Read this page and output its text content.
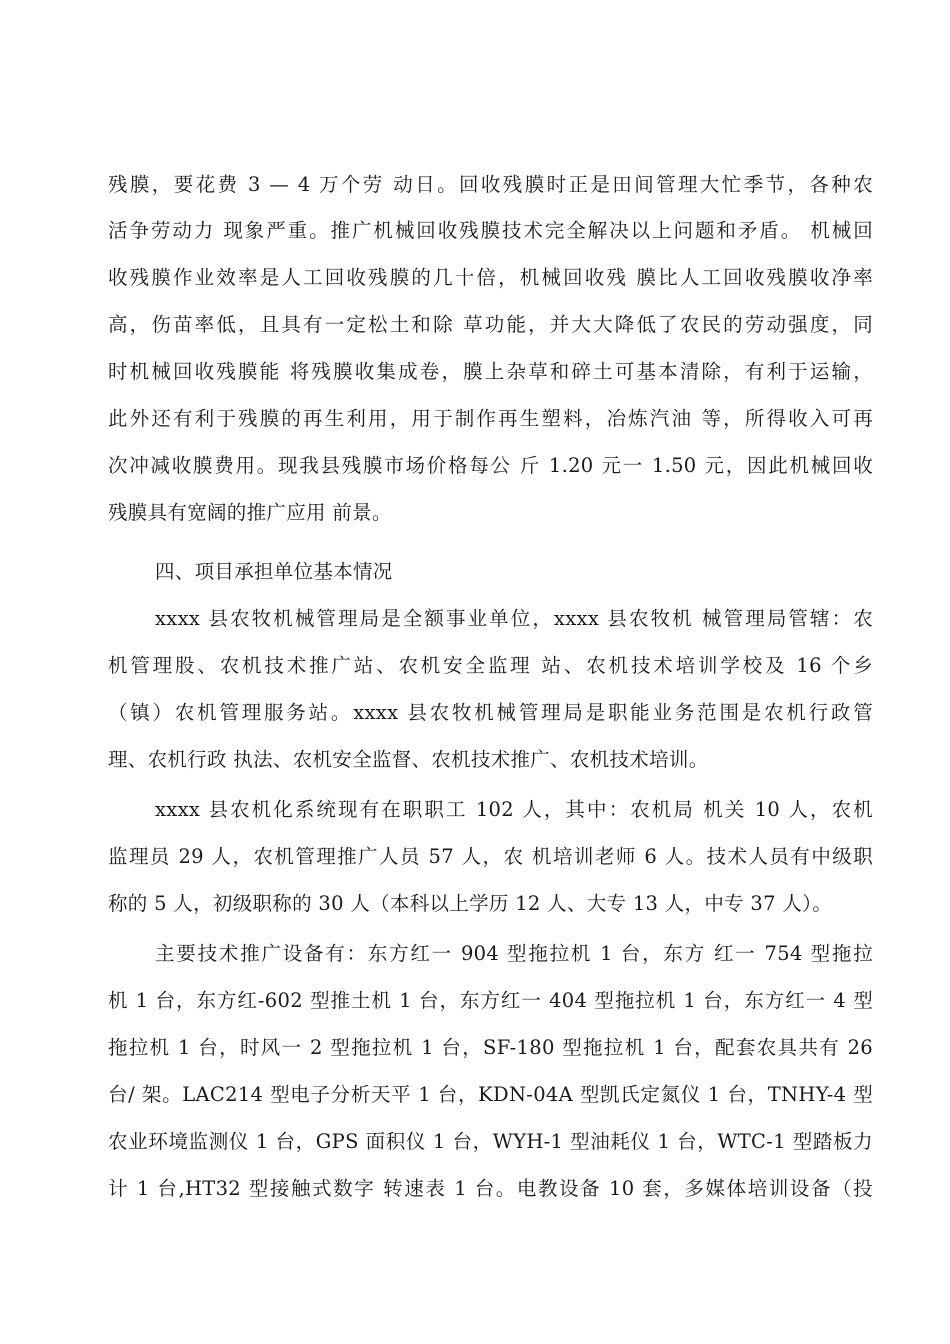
残膜，要花费 3 — 4 万个劳 动日。回收残膜时正是田间管理大忙季节，各种农
活争劳动力 现象严重。推广机械回收残膜技术完全解决以上问题和矛盾。 机械回
收残膜作业效率是人工回收残膜的几十倍，机械回收残 膜比人工回收残膜收净率
高，伤苗率低，且具有一定松土和除 草功能，并大大降低了农民的劳动强度，同
时机械回收残膜能 将残膜收集成卷，膜上杂草和碎土可基本清除，有利于运输，
此外还有利于残膜的再生利用，用于制作再生塑料，冶炼汽油 等，所得收入可再
次冲减收膜费用。现我县残膜市场价格每公 斤 1.20 元一 1.50 元，因此机械回收
残膜具有宽阔的推广应用 前景。
四、项目承担单位基本情况
xxxx 县农牧机械管理局是全额事业单位，xxxx 县农牧机 械管理局管辖：农
机管理股、农机技术推广站、农机安全监理 站、农机技术培训学校及 16 个乡
（镇）农机管理服务站。xxxx 县农牧机械管理局是职能业务范围是农机行政管
理、农机行政 执法、农机安全监督、农机技术推广、农机技术培训。
xxxx 县农机化系统现有在职职工 102 人，其中：农机局 机关 10 人，农机
监理员 29 人，农机管理推广人员 57 人，农 机培训老师 6 人。技术人员有中级职
称的 5 人，初级职称的 30 人（本科以上学历 12 人、大专 13 人，中专 37 人）。
主要技术推广设备有：东方红一 904 型拖拉机 1 台，东方 红一 754 型拖拉
机 1 台，东方红-602 型推土机 1 台，东方红一 404 型拖拉机 1 台，东方红一 4 型
拖拉机 1 台，时风一 2 型拖拉机 1 台，SF-180 型拖拉机 1 台，配套农具共有 26
台/ 架。LAC214 型电子分析天平 1 台，KDN-04A 型凯氏定氮仪 1 台，TNHY-4 型
农业环境监测仪 1 台，GPS 面积仪 1 台，WYH-1 型油耗仪 1 台，WTC-1 型踏板力
计 1 台,HT32 型接触式数字 转速表 1 台。电教设备 10 套，多媒体培训设备（投
